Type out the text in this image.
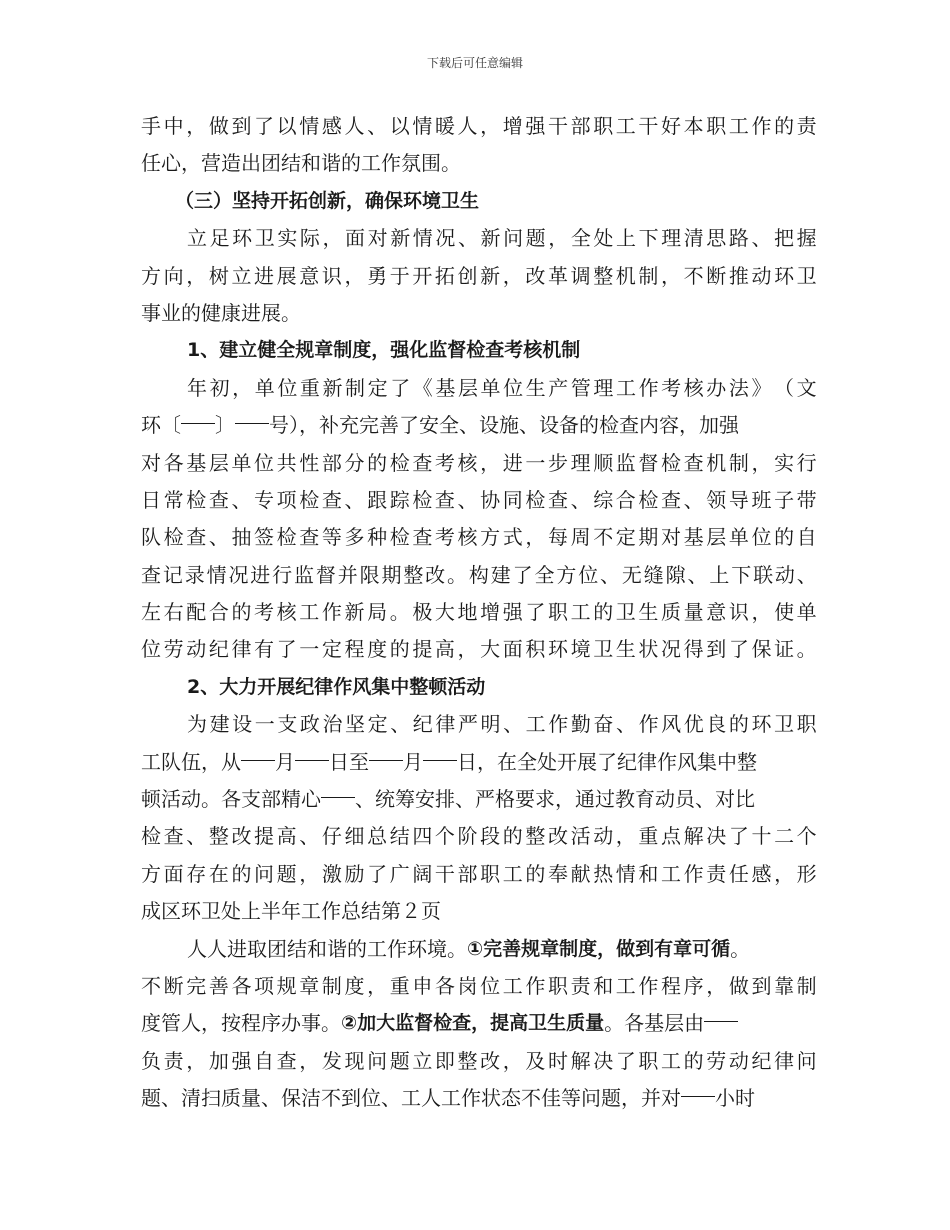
下载后可任意编辑
手 中 ， 做 到 了 以 情 感 人 、 以 情 暖 人 ， 增 强 干 部 职 工 干 好 本 职 工 作 的 责
任心，营造出团结和谐的工作氛围。
（三）坚持开拓创新，确保环境卫生
立 足 环 卫 实 际 ， 面 对 新 情 况 、 新 问 题 ， 全 处 上 下 理 清 思 路 、 把 握
方 向 ， 树 立 进 展 意 识 ， 勇 于 开 拓 创 新 ， 改 革 调 整 机 制 ， 不 断 推 动 环 卫
事业的健康进展。
1、建立健全规章制度，强化监督检查考核机制
年 初 ， 单 位 重 新 制 定 了 《 基 层 单 位 生 产 管 理 工 作 考 核 办 法 》 （ 文
环〔 〕 号），补充完善了安全、设施、设备的检查内容，加强
对 各 基 层 单 位 共 性 部 分 的 检 查 考 核 ， 进 一 步 理 顺 监 督 检 查 机 制 ， 实 行
日 常 检 查 、 专 项 检 查 、 跟 踪 检 查 、 协 同 检 查 、 综 合 检 查 、 领 导 班 子 带
队 检 查 、 抽 签 检 查 等 多 种 检 查 考 核 方 式 ， 每 周 不 定 期 对 基 层 单 位 的 自
查 记 录 情 况 进 行 监 督 并 限 期 整 改 。 构 建 了 全 方 位 、 无 缝 隙 、 上 下 联 动 、
左 右 配 合 的 考 核 工 作 新 局 。 极 大 地 增 强 了 职 工 的 卫 生 质 量 意 识 ， 使 单
位 劳 动 纪 律 有 了 一 定 程 度 的 提 高 ， 大 面 积 环 境 卫 生 状 况 得 到 了 保 证 。
2、大力开展纪律作风集中整顿活动
为 建 设 一 支 政 治 坚 定 、 纪 律 严 明 、 工 作 勤 奋 、 作 风 优 良 的 环 卫 职
工队伍，从 月 日至 月 日，在全处开展了纪律作风集中整
顿活动。各支部精心 、统筹安排、严格要求，通过教育动员、对比
检 查 、 整 改 提 高 、 仔 细 总 结 四 个 阶 段 的 整 改 活 动 ， 重 点 解 决 了 十 二 个
方 面 存 在 的 问 题 ， 激 励 了 广 阔 干 部 职 工 的 奉 献 热 情 和 工 作 责 任 感 ， 形
成区环卫处上半年工作总结第２页
人人进取团结和谐的工作环境。 ①完善规章制度，做到有章可循 。
不 断 完 善 各 项 规 章 制 度 ， 重 申 各 岗 位 工 作 职 责 和 工 作 程 序 ， 做 到 靠 制
度管人，按程序办事。 ②加大监督检查，提高卫生质量 。各基层由
负 责 ， 加 强 自 查 ， 发 现 问 题 立 即 整 改 ， 及 时 解 决 了 职 工 的 劳 动 纪 律 问
题、清扫质量、保洁不到位、工人工作状态不佳等问题，并对 小时
